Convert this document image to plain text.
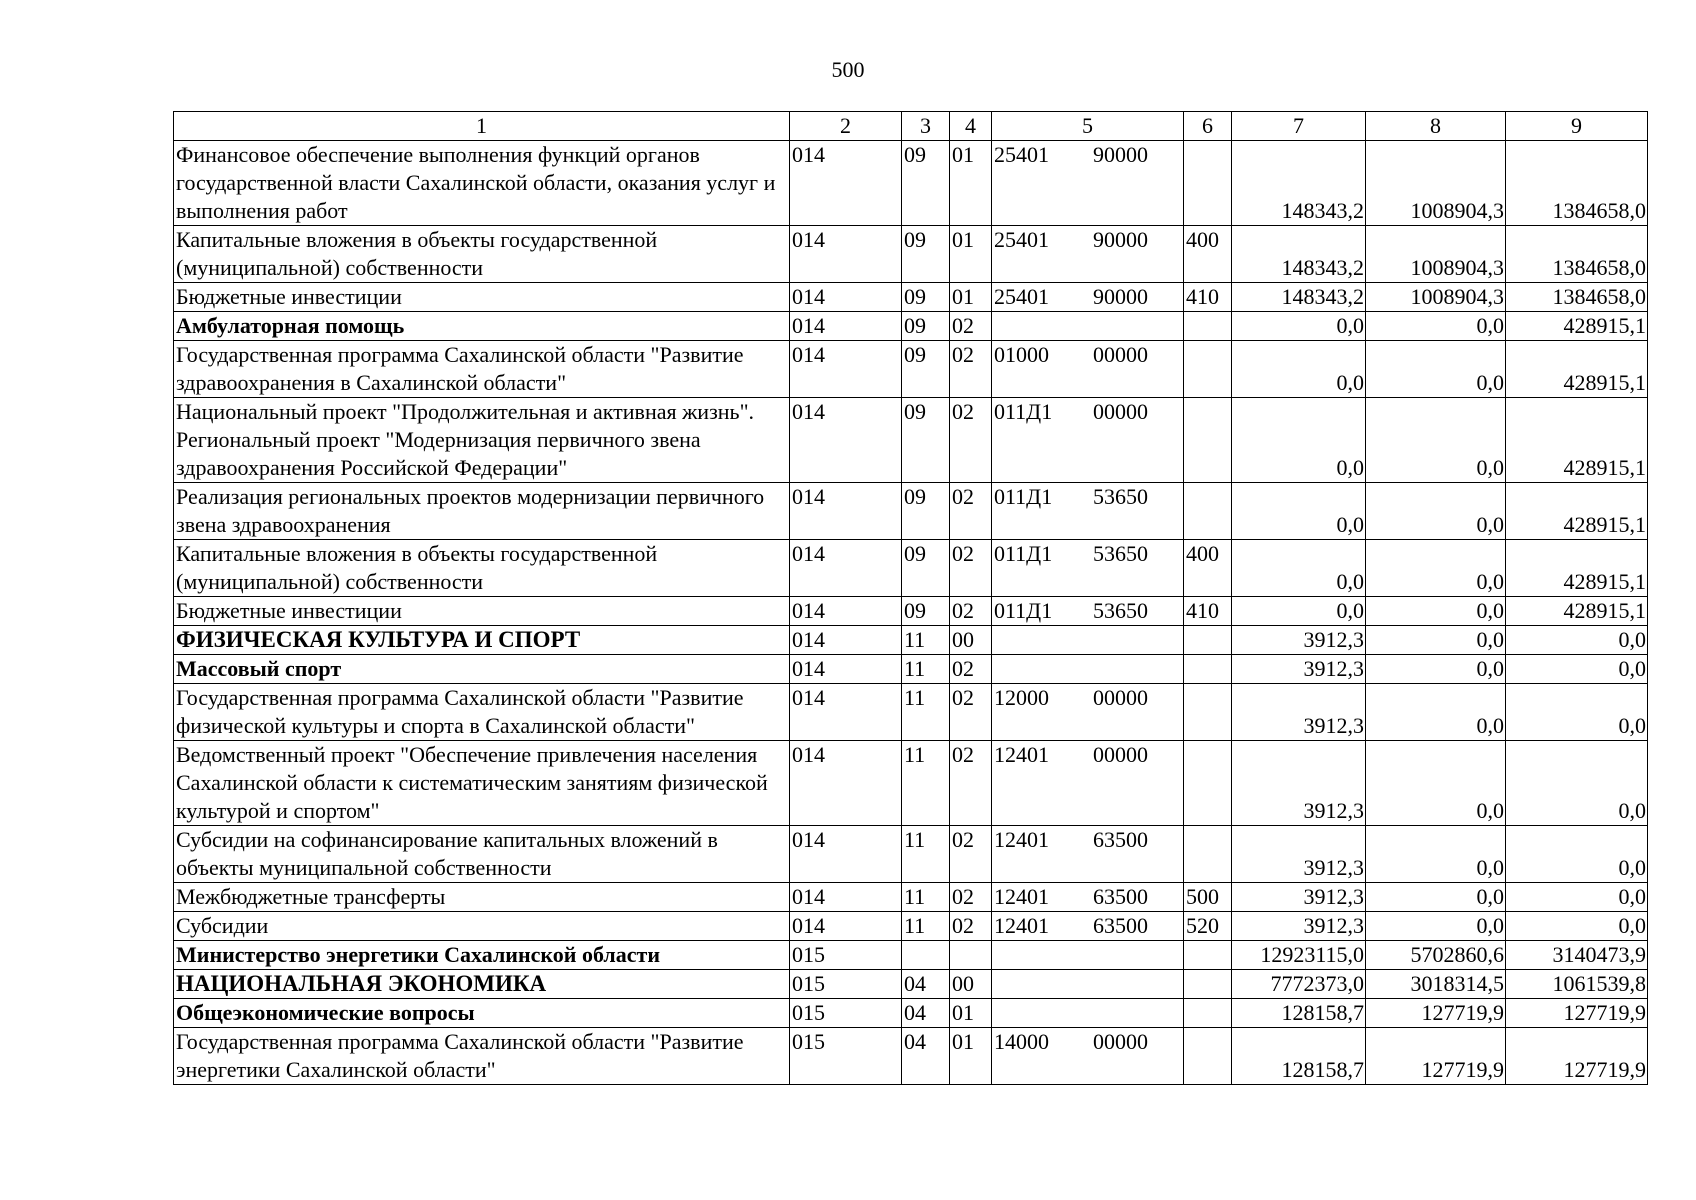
500
1	2	3	4	5	6	7	8	9
Финансовое обеспечение выполнения функций органов государственной власти Сахалинской области, оказания услуг и выполнения работ	014	09	01	25401 90000		148343,2	1008904,3	1384658,0
Капитальные вложения в объекты государственной (муниципальной) собственности	014	09	01	25401 90000	400	148343,2	1008904,3	1384658,0
Бюджетные инвестиции	014	09	01	25401 90000	410	148343,2	1008904,3	1384658,0
Амбулаторная помощь	014	09	02			0,0	0,0	428915,1
Государственная программа Сахалинской области "Развитие здравоохранения в Сахалинской области"	014	09	02	01000 00000		0,0	0,0	428915,1
Национальный проект "Продолжительная и активная жизнь". Региональный проект "Модернизация первичного звена здравоохранения Российской Федерации"	014	09	02	011Д1 00000		0,0	0,0	428915,1
Реализация региональных проектов модернизации первичного звена здравоохранения	014	09	02	011Д1 53650		0,0	0,0	428915,1
Капитальные вложения в объекты государственной (муниципальной) собственности	014	09	02	011Д1 53650	400	0,0	0,0	428915,1
Бюджетные инвестиции	014	09	02	011Д1 53650	410	0,0	0,0	428915,1
ФИЗИЧЕСКАЯ КУЛЬТУРА И СПОРТ	014	11	00			3912,3	0,0	0,0
Массовый спорт	014	11	02			3912,3	0,0	0,0
Государственная программа Сахалинской области "Развитие физической культуры и спорта в Сахалинской области"	014	11	02	12000 00000		3912,3	0,0	0,0
Ведомственный проект "Обеспечение привлечения населения Сахалинской области к систематическим занятиям физической культурой и спортом"	014	11	02	12401 00000		3912,3	0,0	0,0
Субсидии на софинансирование капитальных вложений в объекты муниципальной собственности	014	11	02	12401 63500		3912,3	0,0	0,0
Межбюджетные трансферты	014	11	02	12401 63500	500	3912,3	0,0	0,0
Субсидии	014	11	02	12401 63500	520	3912,3	0,0	0,0
Министерство энергетики Сахалинской области	015					12923115,0	5702860,6	3140473,9
НАЦИОНАЛЬНАЯ ЭКОНОМИКА	015	04	00			7772373,0	3018314,5	1061539,8
Общеэкономические вопросы	015	04	01			128158,7	127719,9	127719,9
Государственная программа Сахалинской области "Развитие энергетики Сахалинской области"	015	04	01	14000 00000		128158,7	127719,9	127719,9
